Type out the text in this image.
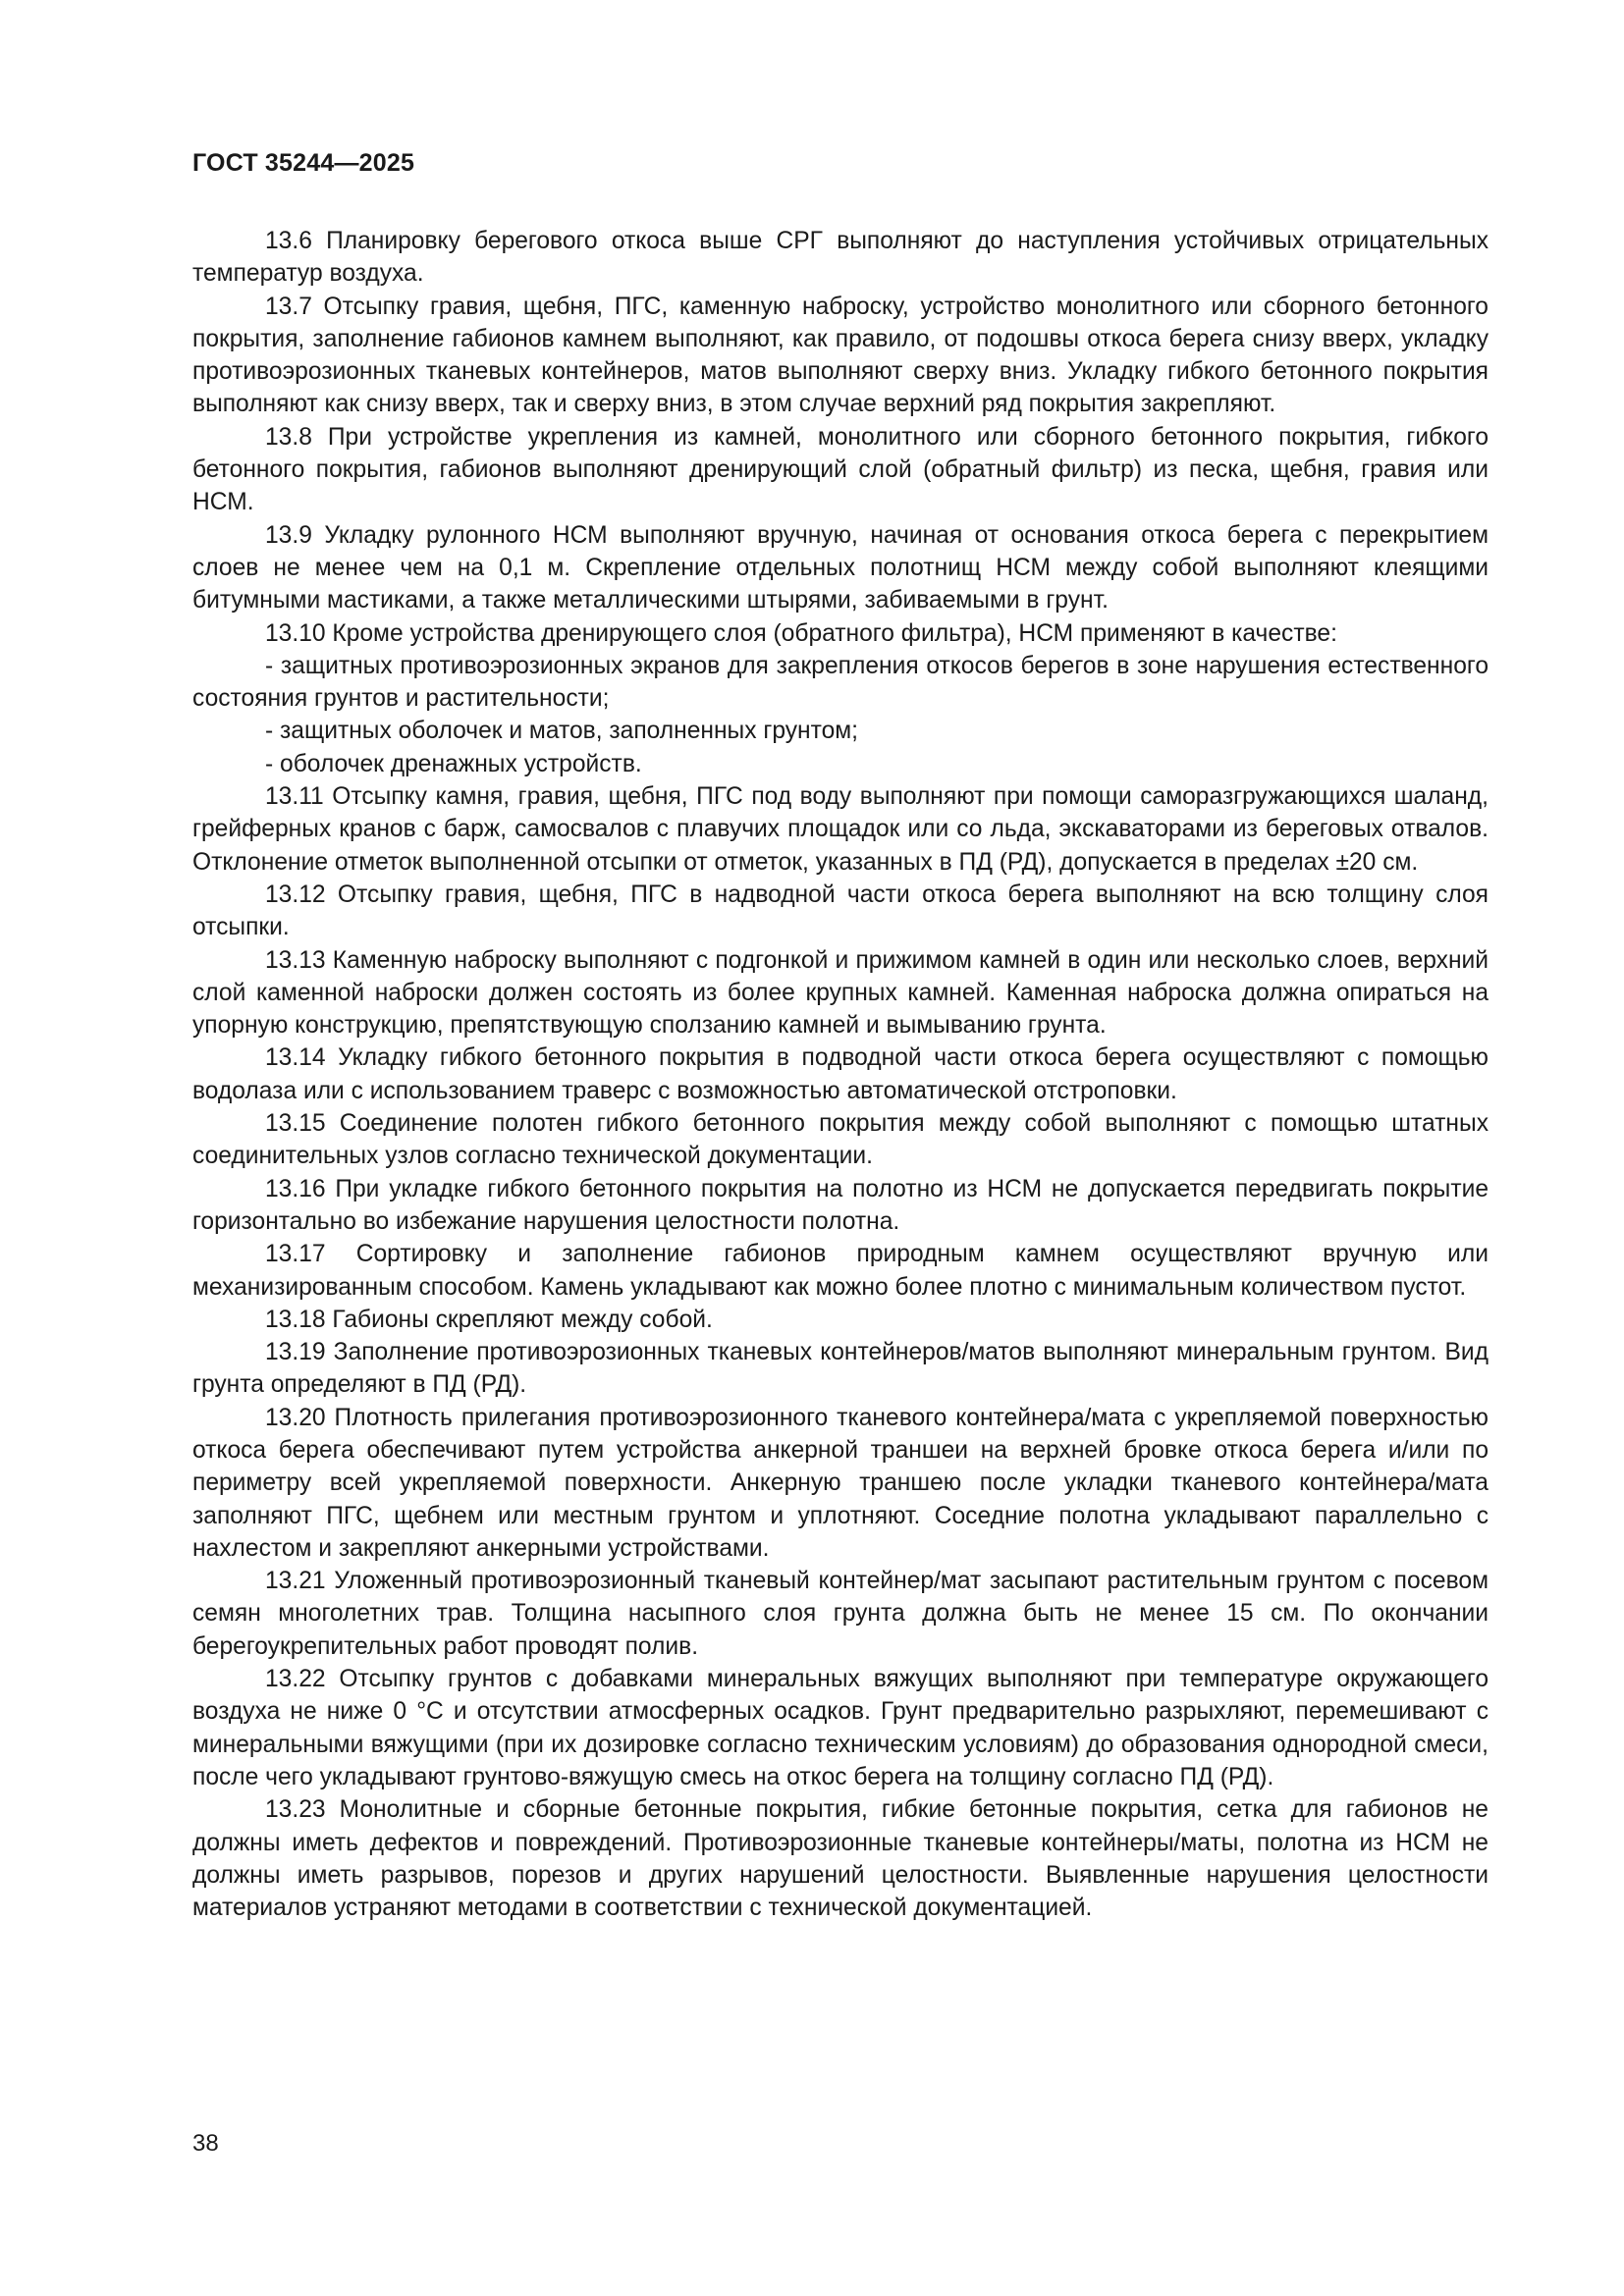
ГОСТ 35244—2025

13.6 Планировку берегового откоса выше СРГ выполняют до наступления устойчивых отрицательных температур воздуха.

13.7 Отсыпку гравия, щебня, ПГС, каменную наброску, устройство монолитного или сборного бетонного покрытия, заполнение габионов камнем выполняют, как правило, от подошвы откоса берега снизу вверх, укладку противоэрозионных тканевых контейнеров, матов выполняют сверху вниз. Укладку гибкого бетонного покрытия выполняют как снизу вверх, так и сверху вниз, в этом случае верхний ряд покрытия закрепляют.

13.8 При устройстве укрепления из камней, монолитного или сборного бетонного покрытия, гибкого бетонного покрытия, габионов выполняют дренирующий слой (обратный фильтр) из песка, щебня, гравия или НСМ.

13.9 Укладку рулонного НСМ выполняют вручную, начиная от основания откоса берега с перекрытием слоев не менее чем на 0,1 м. Скрепление отдельных полотнищ НСМ между собой выполняют клеящими битумными мастиками, а также металлическими штырями, забиваемыми в грунт.

13.10 Кроме устройства дренирующего слоя (обратного фильтра), НСМ применяют в качестве:

- защитных противоэрозионных экранов для закрепления откосов берегов в зоне нарушения естественного состояния грунтов и растительности;

- защитных оболочек и матов, заполненных грунтом;

- оболочек дренажных устройств.

13.11 Отсыпку камня, гравия, щебня, ПГС под воду выполняют при помощи саморазгружающихся шаланд, грейферных кранов с барж, самосвалов с плавучих площадок или со льда, экскаваторами из береговых отвалов. Отклонение отметок выполненной отсыпки от отметок, указанных в ПД (РД), допускается в пределах ±20 см.

13.12 Отсыпку гравия, щебня, ПГС в надводной части откоса берега выполняют на всю толщину слоя отсыпки.

13.13 Каменную наброску выполняют с подгонкой и прижимом камней в один или несколько слоев, верхний слой каменной наброски должен состоять из более крупных камней. Каменная наброска должна опираться на упорную конструкцию, препятствующую сползанию камней и вымыванию грунта.

13.14 Укладку гибкого бетонного покрытия в подводной части откоса берега осуществляют с помощью водолаза или с использованием траверс с возможностью автоматической отстроповки.

13.15 Соединение полотен гибкого бетонного покрытия между собой выполняют с помощью штатных соединительных узлов согласно технической документации.

13.16 При укладке гибкого бетонного покрытия на полотно из НСМ не допускается передвигать покрытие горизонтально во избежание нарушения целостности полотна.

13.17 Сортировку и заполнение габионов природным камнем осуществляют вручную или механизированным способом. Камень укладывают как можно более плотно с минимальным количеством пустот.

13.18 Габионы скрепляют между собой.

13.19 Заполнение противоэрозионных тканевых контейнеров/матов выполняют минеральным грунтом. Вид грунта определяют в ПД (РД).

13.20 Плотность прилегания противоэрозионного тканевого контейнера/мата с укрепляемой поверхностью откоса берега обеспечивают путем устройства анкерной траншеи на верхней бровке откоса берега и/или по периметру всей укрепляемой поверхности. Анкерную траншею после укладки тканевого контейнера/мата заполняют ПГС, щебнем или местным грунтом и уплотняют. Соседние полотна укладывают параллельно с нахлестом и закрепляют анкерными устройствами.

13.21 Уложенный противоэрозионный тканевый контейнер/мат засыпают растительным грунтом с посевом семян многолетних трав. Толщина насыпного слоя грунта должна быть не менее 15 см. По окончании берегоукрепительных работ проводят полив.

13.22 Отсыпку грунтов с добавками минеральных вяжущих выполняют при температуре окружающего воздуха не ниже 0 °С и отсутствии атмосферных осадков. Грунт предварительно разрыхляют, перемешивают с минеральными вяжущими (при их дозировке согласно техническим условиям) до образования однородной смеси, после чего укладывают грунтово-вяжущую смесь на откос берега на толщину согласно ПД (РД).

13.23 Монолитные и сборные бетонные покрытия, гибкие бетонные покрытия, сетка для габионов не должны иметь дефектов и повреждений. Противоэрозионные тканевые контейнеры/маты, полотна из НСМ не должны иметь разрывов, порезов и других нарушений целостности. Выявленные нарушения целостности материалов устраняют методами в соответствии с технической документацией.

38
